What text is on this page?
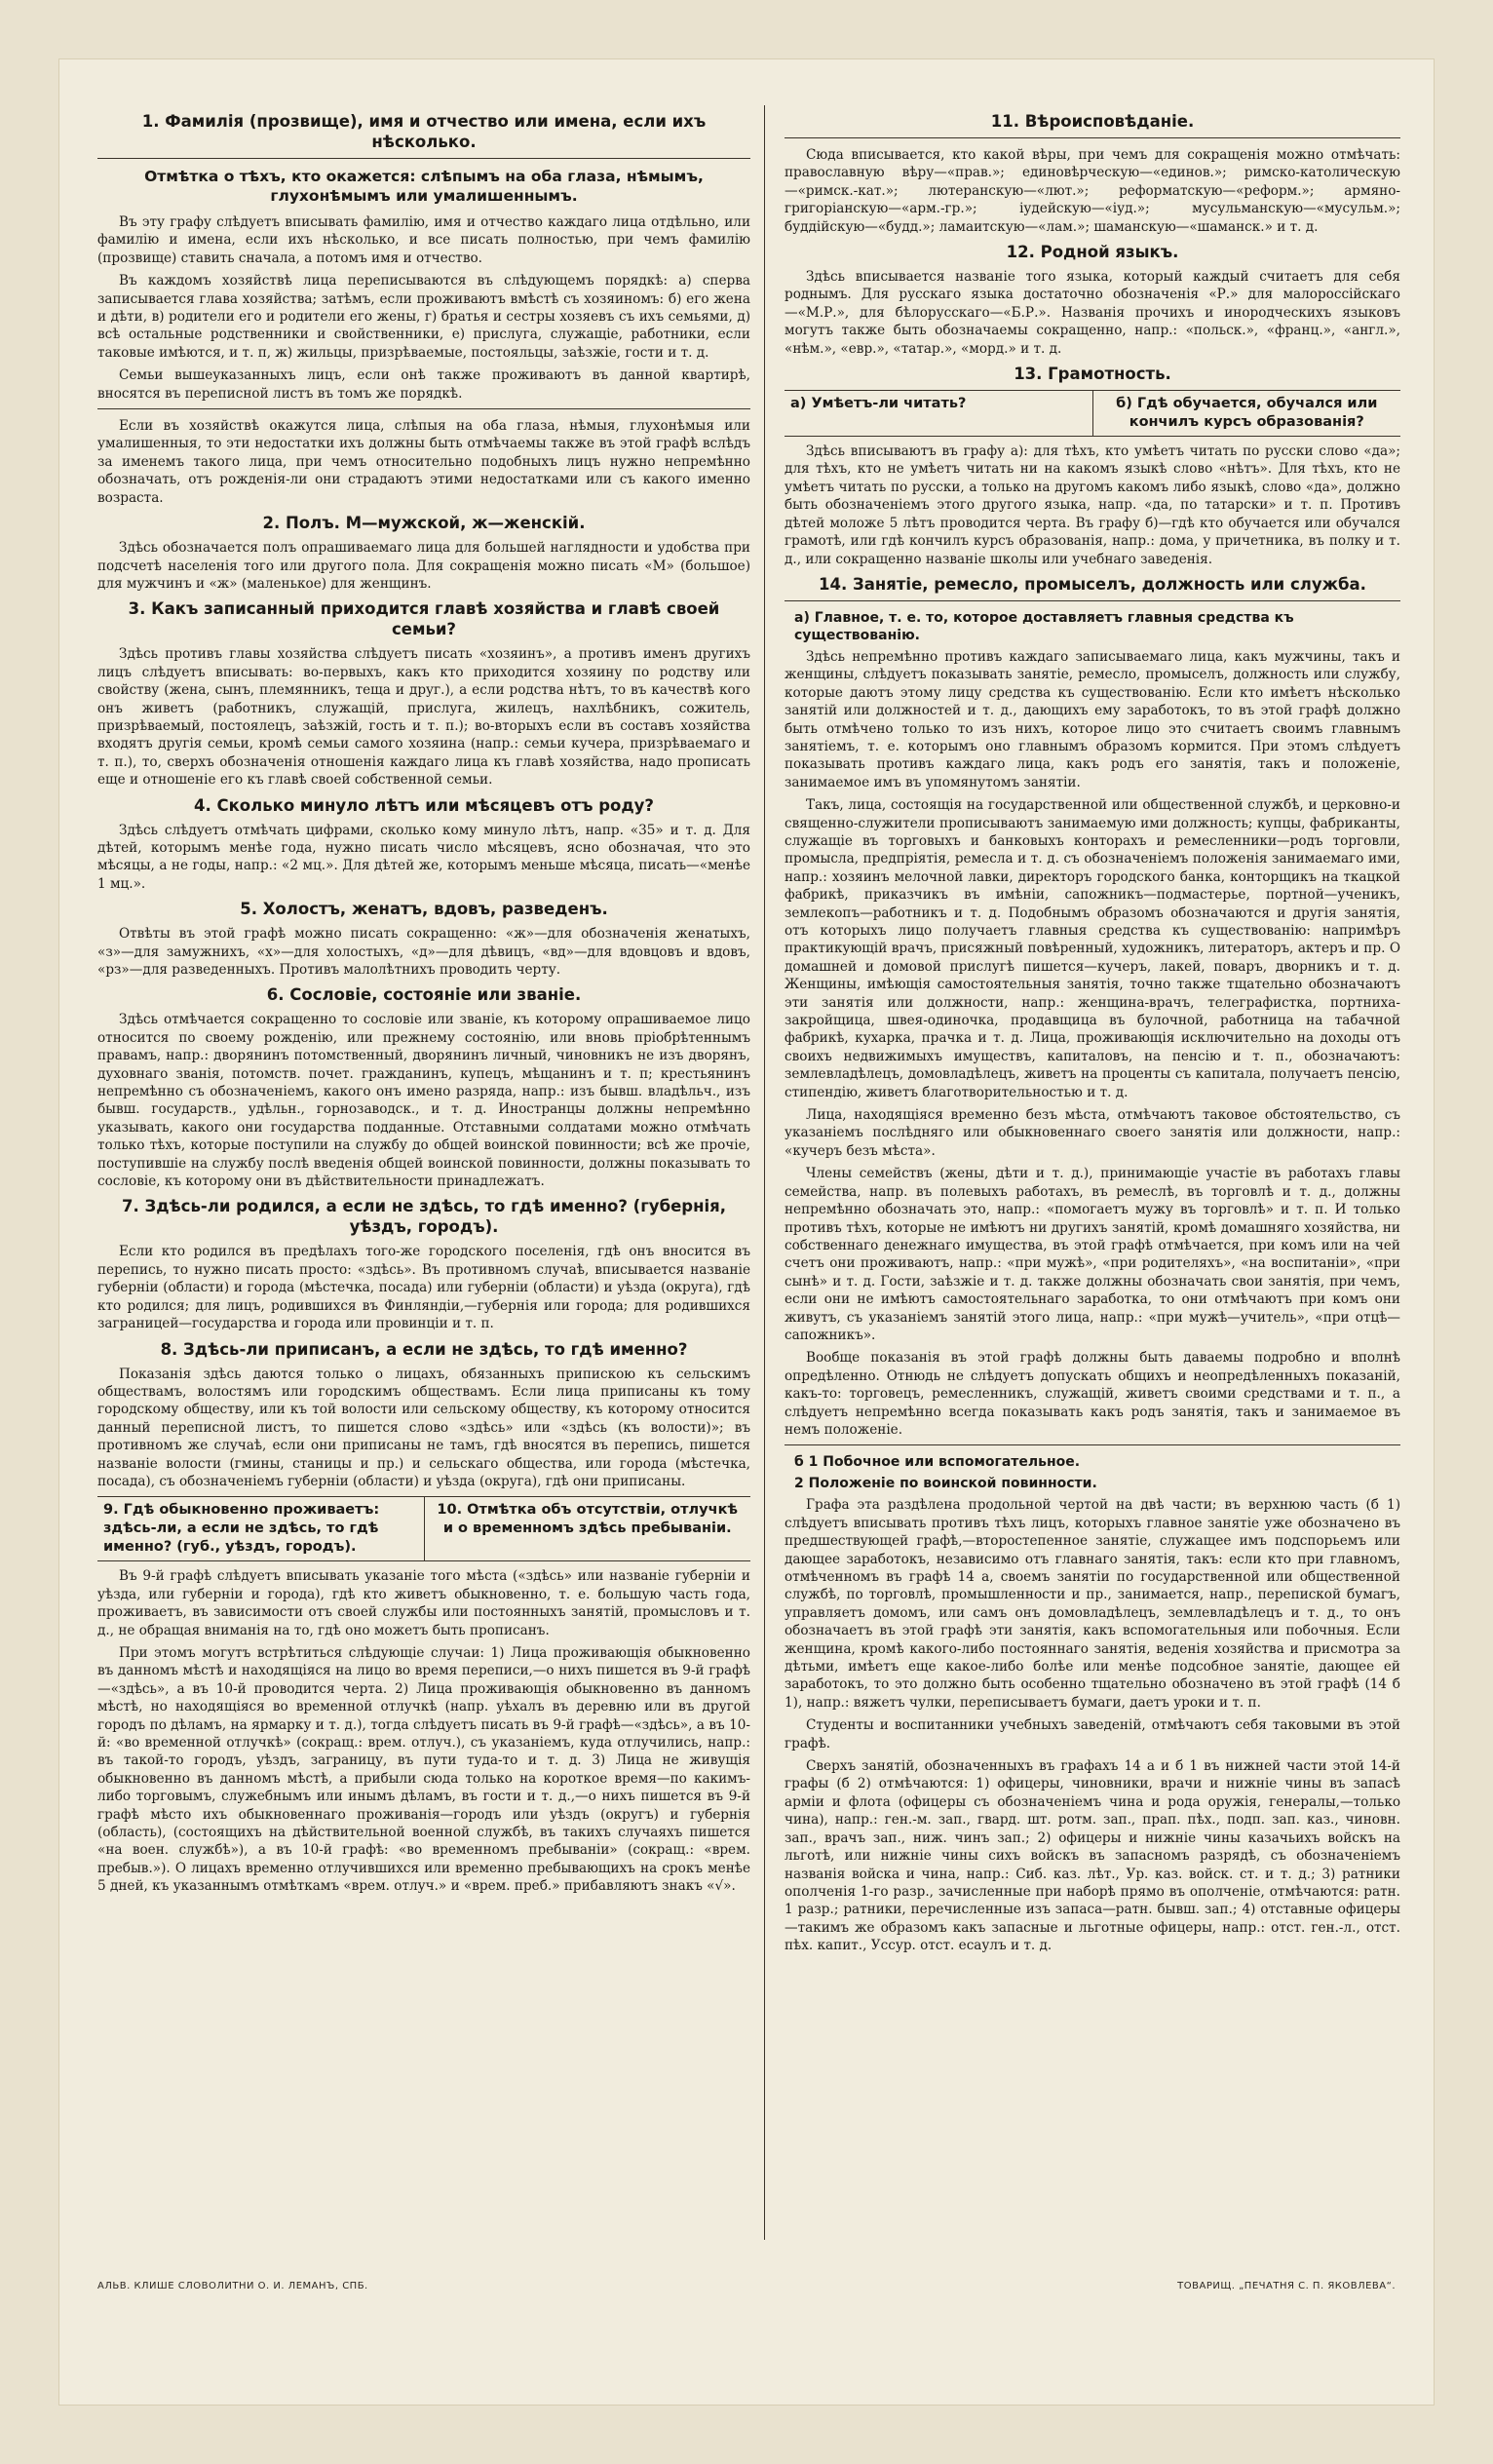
1. Фамилія (прозвище), имя и отчество или имена, если ихъ нѣсколько.
Отмѣтка о тѣхъ, кто окажется: слѣпымъ на оба глаза, нѣмымъ, глухонѣмымъ или умалишеннымъ.

Въ эту графу слѣдуетъ вписывать фамилію, имя и отчество каждаго лица отдѣльно, или фамилію и имена, если ихъ нѣсколько, и все писать полностью, при чемъ фамилію (прозвище) ставить сначала, а потомъ имя и отчество.

Въ каждомъ хозяйствѣ лица переписываются въ слѣдующемъ порядкѣ: а) сперва записывается глава хозяйства; затѣмъ, если проживаютъ вмѣстѣ съ хозяиномъ: б) его жена и дѣти, в) родители его и родители его жены, г) братья и сестры хозяевъ съ ихъ семьями, д) всѣ остальные родственники и свойственники, е) прислуга, служащіе, работники, если таковые имѣются, и т. п, ж) жильцы, призрѣваемые, постояльцы, заѣзжіе, гости и т. д.

Семьи вышеуказанныхъ лицъ, если онѣ также проживаютъ въ данной квартирѣ, вносятся въ переписной листъ въ томъ же порядкѣ.

Если въ хозяйствѣ окажутся лица, слѣпыя на оба глаза, нѣмыя, глухонѣмыя или умалишенныя, то эти недостатки ихъ должны быть отмѣчаемы также въ этой графѣ вслѣдъ за именемъ такого лица, при чемъ относительно подобныхъ лицъ нужно непремѣнно обозначать, отъ рожденія-ли они страдаютъ этими недостатками или съ какого именно возраста.

2. Полъ. М—мужской, ж—женскій.

Здѣсь обозначается полъ опрашиваемаго лица для большей наглядности и удобства при подсчетѣ населенія того или другого пола. Для сокращенія можно писать «М» (большое) для мужчинъ и «ж» (маленькое) для женщинъ.

3. Какъ записанный приходится главѣ хозяйства и главѣ своей семьи?

Здѣсь противъ главы хозяйства слѣдуетъ писать «хозяинъ», а противъ именъ другихъ лицъ слѣдуетъ вписывать: во-первыхъ, какъ кто приходится хозяину по родству или свойству (жена, сынъ, племянникъ, теща и друг.), а если родства нѣтъ, то въ качествѣ кого онъ живетъ (работникъ, служащій, прислуга, жилецъ, нахлѣбникъ, сожитель, призрѣваемый, постоялецъ, заѣзжій, гость и т. п.); во-вторыхъ если въ составъ хозяйства входятъ другія семьи, кромѣ семьи самого хозяина (напр.: семьи кучера, призрѣваемаго и т. п.), то, сверхъ обозначенія отношенія каждаго лица къ главѣ хозяйства, надо прописать еще и отношеніе его къ главѣ своей собственной семьи.

4. Сколько минуло лѣтъ или мѣсяцевъ отъ роду?

Здѣсь слѣдуетъ отмѣчать цифрами, сколько кому минуло лѣтъ, напр. «35» и т. д. Для дѣтей, которымъ менѣе года, нужно писать число мѣсяцевъ, ясно обозначая, что это мѣсяцы, а не годы, напр.: «2 мц.». Для дѣтей же, которымъ меньше мѣсяца, писать—«менѣе 1 мц.».

5. Холостъ, женатъ, вдовъ, разведенъ.

Отвѣты въ этой графѣ можно писать сокращенно: «ж»—для обозначенія женатыхъ, «з»—для замужнихъ, «х»—для холостыхъ, «д»—для дѣвицъ, «вд»—для вдовцовъ и вдовъ, «рз»—для разведенныхъ. Противъ малолѣтнихъ проводить черту.

6. Сословіе, состояніе или званіе.

Здѣсь отмѣчается сокращенно то сословіе или званіе, къ которому опрашиваемое лицо относится по своему рожденію, или прежнему состоянію, или вновь пріобрѣтеннымъ правамъ, напр.: дворянинъ потомственный, дворянинъ личный, чиновникъ не изъ дворянъ, духовнаго званія, потомств. почет. гражданинъ, купецъ, мѣщанинъ и т. п; крестьянинъ непремѣнно съ обозначеніемъ, какого онъ имено разряда, напр.: изъ бывш. владѣльч., изъ бывш. государств., удѣльн., горнозаводск., и т. д. Иностранцы должны непремѣнно указывать, какого они государства подданные. Отставными солдатами можно отмѣчать только тѣхъ, которые поступили на службу до общей воинской повинности; всѣ же прочіе, поступившіе на службу послѣ введенія общей воинской повинности, должны показывать то сословіе, къ которому они въ дѣйствительности принадлежатъ.

7. Здѣсь-ли родился, а если не здѣсь, то гдѣ именно? (губернія, уѣздъ, городъ).

Если кто родился въ предѣлахъ того-же городского поселенія, гдѣ онъ вносится въ перепись, то нужно писать просто: «здѣсь». Въ противномъ случаѣ, вписывается названіе губерніи (области) и города (мѣстечка, посада) или губерніи (области) и уѣзда (округа), гдѣ кто родился; для лицъ, родившихся въ Финляндіи,—губернія или города; для родившихся заграницей—государства и города или провинціи и т. п.

8. Здѣсь-ли приписанъ, а если не здѣсь, то гдѣ именно?

Показанія здѣсь даются только о лицахъ, обязанныхъ припискою къ сельскимъ обществамъ, волостямъ или городскимъ обществамъ. Если лица приписаны къ тому городскому обществу, или къ той волости или сельскому обществу, къ которому относится данный переписной листъ, то пишется слово «здѣсь» или «здѣсь (къ волости)»; въ противномъ же случаѣ, если они приписаны не тамъ, гдѣ вносятся въ перепись, пишется названіе волости (гмины, станицы и пр.) и сельскаго общества, или города (мѣстечка, посада), съ обозначеніемъ губерніи (области) и уѣзда (округа), гдѣ они приписаны.

9. Гдѣ обыкновенно проживаетъ: здѣсь-ли, а если не здѣсь, то гдѣ именно? (губ., уѣздъ, городъ).
10. Отмѣтка объ отсутствіи, отлучкѣ и о временномъ здѣсь пребываніи.

Въ 9-й графѣ слѣдуетъ вписывать указаніе того мѣста («здѣсь» или названіе губерніи и уѣзда, или губерніи и города), гдѣ кто живетъ обыкновенно, т. е. большую часть года, проживаетъ, въ зависимости отъ своей службы или постоянныхъ занятій, промысловъ и т. д., не обращая вниманія на то, гдѣ оно можетъ быть прописанъ.

При этомъ могутъ встрѣтиться слѣдующіе случаи: 1) Лица проживающія обыкновенно въ данномъ мѣстѣ и находящіяся на лицо во время переписи,—о нихъ пишется въ 9-й графѣ—«здѣсь», а въ 10-й проводится черта. 2) Лица проживающія обыкновенно въ данномъ мѣстѣ, но находящіяся во временной отлучкѣ (напр. уѣхалъ въ деревню или въ другой городъ по дѣламъ, на ярмарку и т. д.), тогда слѣдуетъ писать въ 9-й графѣ—«здѣсь», а въ 10-й: «во временной отлучкѣ» (сокращ.: врем. отлуч.), съ указаніемъ, куда отлучились, напр.: въ такой-то городъ, уѣздъ, заграницу, въ пути туда-то и т. д. 3) Лица не живущія обыкновенно въ данномъ мѣстѣ, а прибыли сюда только на короткое время—по какимъ-либо торговымъ, служебнымъ или инымъ дѣламъ, въ гости и т. д.,—о нихъ пишется въ 9-й графѣ мѣсто ихъ обыкновеннаго проживанія—городъ или уѣздъ (округъ) и губернія (область), (состоящихъ на дѣйствительной военной службѣ, въ такихъ случаяхъ пишется «на воен. службѣ»), а въ 10-й графѣ: «во временномъ пребываніи» (сокращ.: «врем. пребыв.»). О лицахъ временно отлучившихся или временно пребывающихъ на срокъ менѣе 5 дней, къ указаннымъ отмѣткамъ «врем. отлуч.» и «врем. преб.» прибавляютъ знакъ «√».

11. Вѣроисповѣданіе.

Сюда вписывается, кто какой вѣры, при чемъ для сокращенія можно отмѣчать: православную вѣру—«прав.»; единовѣрческую—«единов.»; римско-католическую—«римск.-кат.»; лютеранскую—«лют.»; реформатскую—«реформ.»; армяно-григоріанскую—«арм.-гр.»; іудейскую—«іуд.»; мусульманскую—«мусульм.»; буддійскую—«будд.»; ламаитскую—«лам.»; шаманскую—«шаманск.» и т. д.

12. Родной языкъ.

Здѣсь вписывается названіе того языка, который каждый считаетъ для себя роднымъ. Для русскаго языка достаточно обозначенія «Р.» для малороссійскаго—«М.Р.», для бѣлорусскаго—«Б.Р.». Названія прочихъ и инородческихъ языковъ могутъ также быть обозначаемы сокращенно, напр.: «польск.», «франц.», «англ.», «нѣм.», «евр.», «татар.», «морд.» и т. д.

13. Грамотность.
а) Умѣетъ-ли читать?	б) Гдѣ обучается, обучался или кончилъ курсъ образованія?

Здѣсь вписываютъ въ графу а): для тѣхъ, кто умѣетъ читать по русски слово «да»; для тѣхъ, кто не умѣетъ читать ни на какомъ языкѣ слово «нѣтъ». Для тѣхъ, кто не умѣетъ читать по русски, а только на другомъ какомъ либо языкѣ, слово «да», должно быть обозначеніемъ этого другого языка, напр. «да, по татарски» и т. п. Противъ дѣтей моложе 5 лѣтъ проводится черта. Въ графу б)—гдѣ кто обучается или обучался грамотѣ, или гдѣ кончилъ курсъ образованія, напр.: дома, у причетника, въ полку и т. д., или сокращенно названіе школы или учебнаго заведенія.

14. Занятіе, ремесло, промыселъ, должность или служба.
а) Главное, т. е. то, которое доставляетъ главныя средства къ существованію.

Здѣсь непремѣнно противъ каждаго записываемаго лица, какъ мужчины, такъ и женщины, слѣдуетъ показывать занятіе, ремесло, промыселъ, должность или службу, которые даютъ этому лицу средства къ существованію. Если кто имѣетъ нѣсколько занятій или должностей и т. д., дающихъ ему заработокъ, то въ этой графѣ должно быть отмѣчено только то изъ нихъ, которое лицо это считаетъ своимъ главнымъ занятіемъ, т. е. которымъ оно главнымъ образомъ кормится. При этомъ слѣдуетъ показывать противъ каждаго лица, какъ родъ его занятія, такъ и положеніе, занимаемое имъ въ упомянутомъ занятіи.

Такъ, лица, состоящія на государственной или общественной службѣ, и церковно-и священно-служители прописываютъ занимаемую ими должность; купцы, фабриканты, служащіе въ торговыхъ и банковыхъ конторахъ и ремесленники—родъ торговли, промысла, предпріятія, ремесла и т. д. съ обозначеніемъ положенія занимаемаго ими, напр.: хозяинъ мелочной лавки, директоръ городского банка, конторщикъ на ткацкой фабрикѣ, приказчикъ въ имѣніи, сапожникъ—подмастерье, портной—ученикъ, землекопъ—работникъ и т. д. Подобнымъ образомъ обозначаются и другія занятія, отъ которыхъ лицо получаетъ главныя средства къ существованію: напримѣръ практикующій врачъ, присяжный повѣренный, художникъ, литераторъ, актеръ и пр. О домашней и домовой прислугѣ пишется—кучеръ, лакей, поваръ, дворникъ и т. д. Женщины, имѣющія самостоятельныя занятія, точно также тщательно обозначаютъ эти занятія или должности, напр.: женщина-врачъ, телеграфистка, портниха-закройщица, швея-одиночка, продавщица въ булочной, работница на табачной фабрикѣ, кухарка, прачка и т. д. Лица, проживающія исключительно на доходы отъ своихъ недвижимыхъ имуществъ, капиталовъ, на пенсію и т. п., обозначаютъ: землевладѣлецъ, домовладѣлецъ, живетъ на проценты съ капитала, получаетъ пенсію, стипендію, живетъ благотворительностью и т. д.

Лица, находящіяся временно безъ мѣста, отмѣчаютъ таковое обстоятельство, съ указаніемъ послѣдняго или обыкновеннаго своего занятія или должности, напр.: «кучеръ безъ мѣста».

Члены семействъ (жены, дѣти и т. д.), принимающіе участіе въ работахъ главы семейства, напр. въ полевыхъ работахъ, въ ремеслѣ, въ торговлѣ и т. д., должны непремѣнно обозначать это, напр.: «помогаетъ мужу въ торговлѣ» и т. п. И только противъ тѣхъ, которые не имѣютъ ни другихъ занятій, кромѣ домашняго хозяйства, ни собственнаго денежнаго имущества, въ этой графѣ отмѣчается, при комъ или на чей счетъ они проживаютъ, напр.: «при мужѣ», «при родителяхъ», «на воспитаніи», «при сынѣ» и т. д. Гости, заѣзжіе и т. д. также должны обозначать свои занятія, при чемъ, если они не имѣютъ самостоятельнаго заработка, то они отмѣчаютъ при комъ они живутъ, съ указаніемъ занятій этого лица, напр.: «при мужѣ—учитель», «при отцѣ—сапожникъ».

Вообще показанія въ этой графѣ должны быть даваемы подробно и вполнѣ опредѣленно. Отнюдь не слѣдуетъ допускать общихъ и неопредѣленныхъ показаній, какъ-то: торговецъ, ремесленникъ, служащій, живетъ своими средствами и т. п., а слѣдуетъ непремѣнно всегда показывать какъ родъ занятія, такъ и занимаемое въ немъ положеніе.

б 1 Побочное или вспомогательное.
2 Положеніе по воинской повинности.

Графа эта раздѣлена продольной чертой на двѣ части; въ верхнюю часть (б 1) слѣдуетъ вписывать противъ тѣхъ лицъ, которыхъ главное занятіе уже обозначено въ предшествующей графѣ,—второстепенное занятіе, служащее имъ подспорьемъ или дающее заработокъ, независимо отъ главнаго занятія, такъ: если кто при главномъ, отмѣченномъ въ графѣ 14 а, своемъ занятіи по государственной или общественной службѣ, по торговлѣ, промышленности и пр., занимается, напр., перепиской бумагъ, управляетъ домомъ, или самъ онъ домовладѣлецъ, землевладѣлецъ и т. д., то онъ обозначаетъ въ этой графѣ эти занятія, какъ вспомогательныя или побочныя. Если женщина, кромѣ какого-либо постояннаго занятія, веденія хозяйства и присмотра за дѣтьми, имѣетъ еще какое-либо болѣе или менѣе подсобное занятіе, дающее ей заработокъ, то это должно быть особенно тщательно обозначено въ этой графѣ (14 б 1), напр.: вяжетъ чулки, переписываетъ бумаги, даетъ уроки и т. п.

Студенты и воспитанники учебныхъ заведеній, отмѣчаютъ себя таковыми въ этой графѣ.

Сверхъ занятій, обозначенныхъ въ графахъ 14 а и б 1 въ нижней части этой 14-й графы (б 2) отмѣчаются: 1) офицеры, чиновники, врачи и нижніе чины въ запасѣ арміи и флота (офицеры съ обозначеніемъ чина и рода оружія, генералы,—только чина), напр.: ген.-м. зап., гвард. шт. ротм. зап., прап. пѣх., подп. зап. каз., чиновн. зап., врачъ зап., ниж. чинъ зап.; 2) офицеры и нижніе чины казачьихъ войскъ на льготѣ, или нижніе чины сихъ войскъ въ запасномъ разрядѣ, съ обозначеніемъ названія войска и чина, напр.: Сиб. каз. лѣт., Ур. каз. войск. ст. и т. д.; 3) ратники ополченія 1-го разр., зачисленные при наборѣ прямо въ ополченіе, отмѣчаются: ратн. 1 разр.; ратники, перечисленные изъ запаса—ратн. бывш. зап.; 4) отставные офицеры—такимъ же образомъ какъ запасные и льготные офицеры, напр.: отст. ген.-л., отст. пѣх. капит., Уссур. отст. есаулъ и т. д.

АЛЬВ. КЛИШЕ СЛОВОЛИТНИ О. И. ЛЕМАНЪ, СПБ.	ТОВАРИЩ. „ПЕЧАТНЯ С. П. ЯКОВЛЕВА“.
